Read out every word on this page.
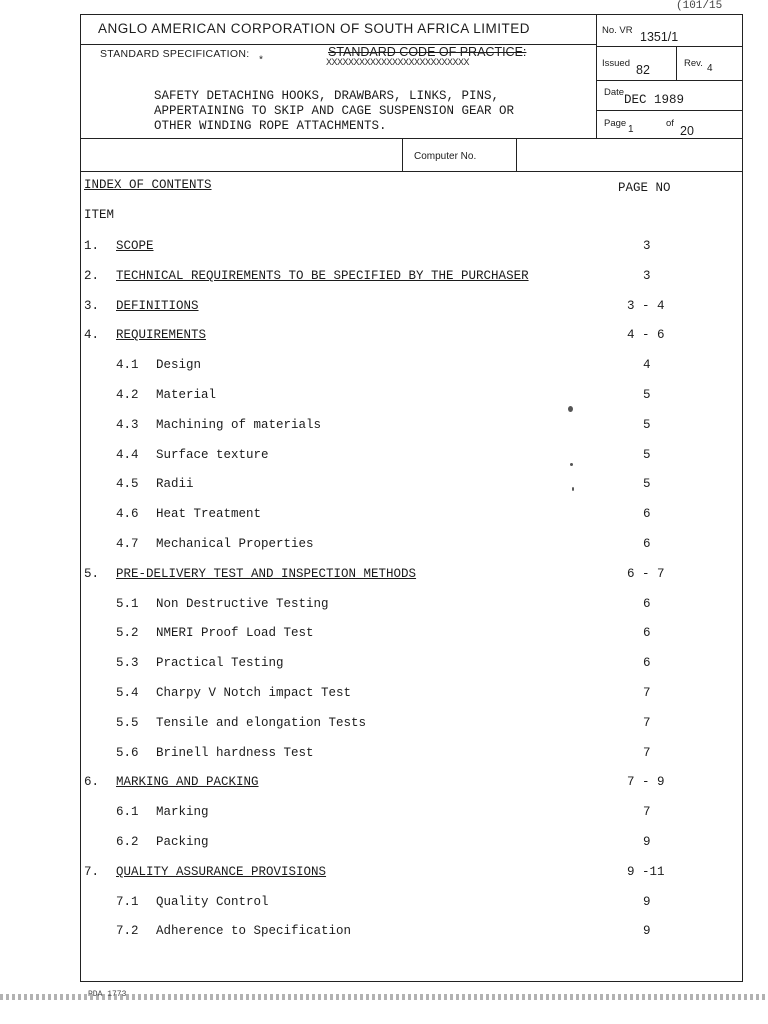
(101/15
ANGLO AMERICAN CORPORATION OF SOUTH AFRICA LIMITED
STANDARD SPECIFICATION:
*
STANDARD CODE OF PRACTICE:
XXXXXXXXXXXXXXXXXXXXXXXXXX
SAFETY DETACHING HOOKS, DRAWBARS, LINKS, PINS,
APPERTAINING TO SKIP AND CAGE SUSPENSION GEAR OR
OTHER WINDING ROPE ATTACHMENTS.
No. VR 1351/1
Issued 82	Rev. 4
Date
DEC 1989
Page
1
of
20
Computer No.
INDEX OF CONTENTS	PAGE NO
ITEM
1. SCOPE	3
2. TECHNICAL REQUIREMENTS TO BE SPECIFIED BY THE PURCHASER	3
3. DEFINITIONS	3 - 4
4. REQUIREMENTS	4 - 6
4.1 Design	4
4.2 Material	5
4.3 Machining of materials	5
4.4 Surface texture	5
4.5 Radii	5
4.6 Heat Treatment	6
4.7 Mechanical Properties	6
5. PRE-DELIVERY TEST AND INSPECTION METHODS	6 - 7
5.1 Non Destructive Testing	6
5.2 NMERI Proof Load Test	6
5.3 Practical Testing	6
5.4 Charpy V Notch impact Test	7
5.5 Tensile and elongation Tests	7
5.6 Brinell hardness Test	7
6. MARKING AND PACKING	7 - 9
6.1 Marking	7
6.2 Packing	9
7. QUALITY ASSURANCE PROVISIONS	9 -11
7.1 Quality Control	9
7.2 Adherence to Specification	9
PDA 1773
